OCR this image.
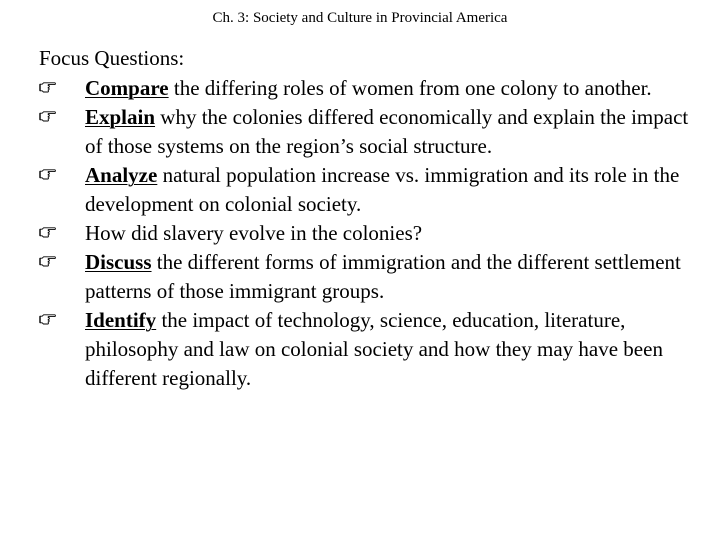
Ch. 3: Society and Culture in Provincial America
Focus Questions:
Compare the differing roles of women from one colony to another.
Explain why the colonies differed economically and explain the impact of those systems on the region’s social structure.
Analyze natural population increase vs. immigration and its role in the development on colonial society.
How did slavery evolve in the colonies?
Discuss the different forms of immigration and the different settlement patterns of those immigrant groups.
Identify the impact of technology, science, education, literature, philosophy and law on colonial society and how they may have been different regionally.
